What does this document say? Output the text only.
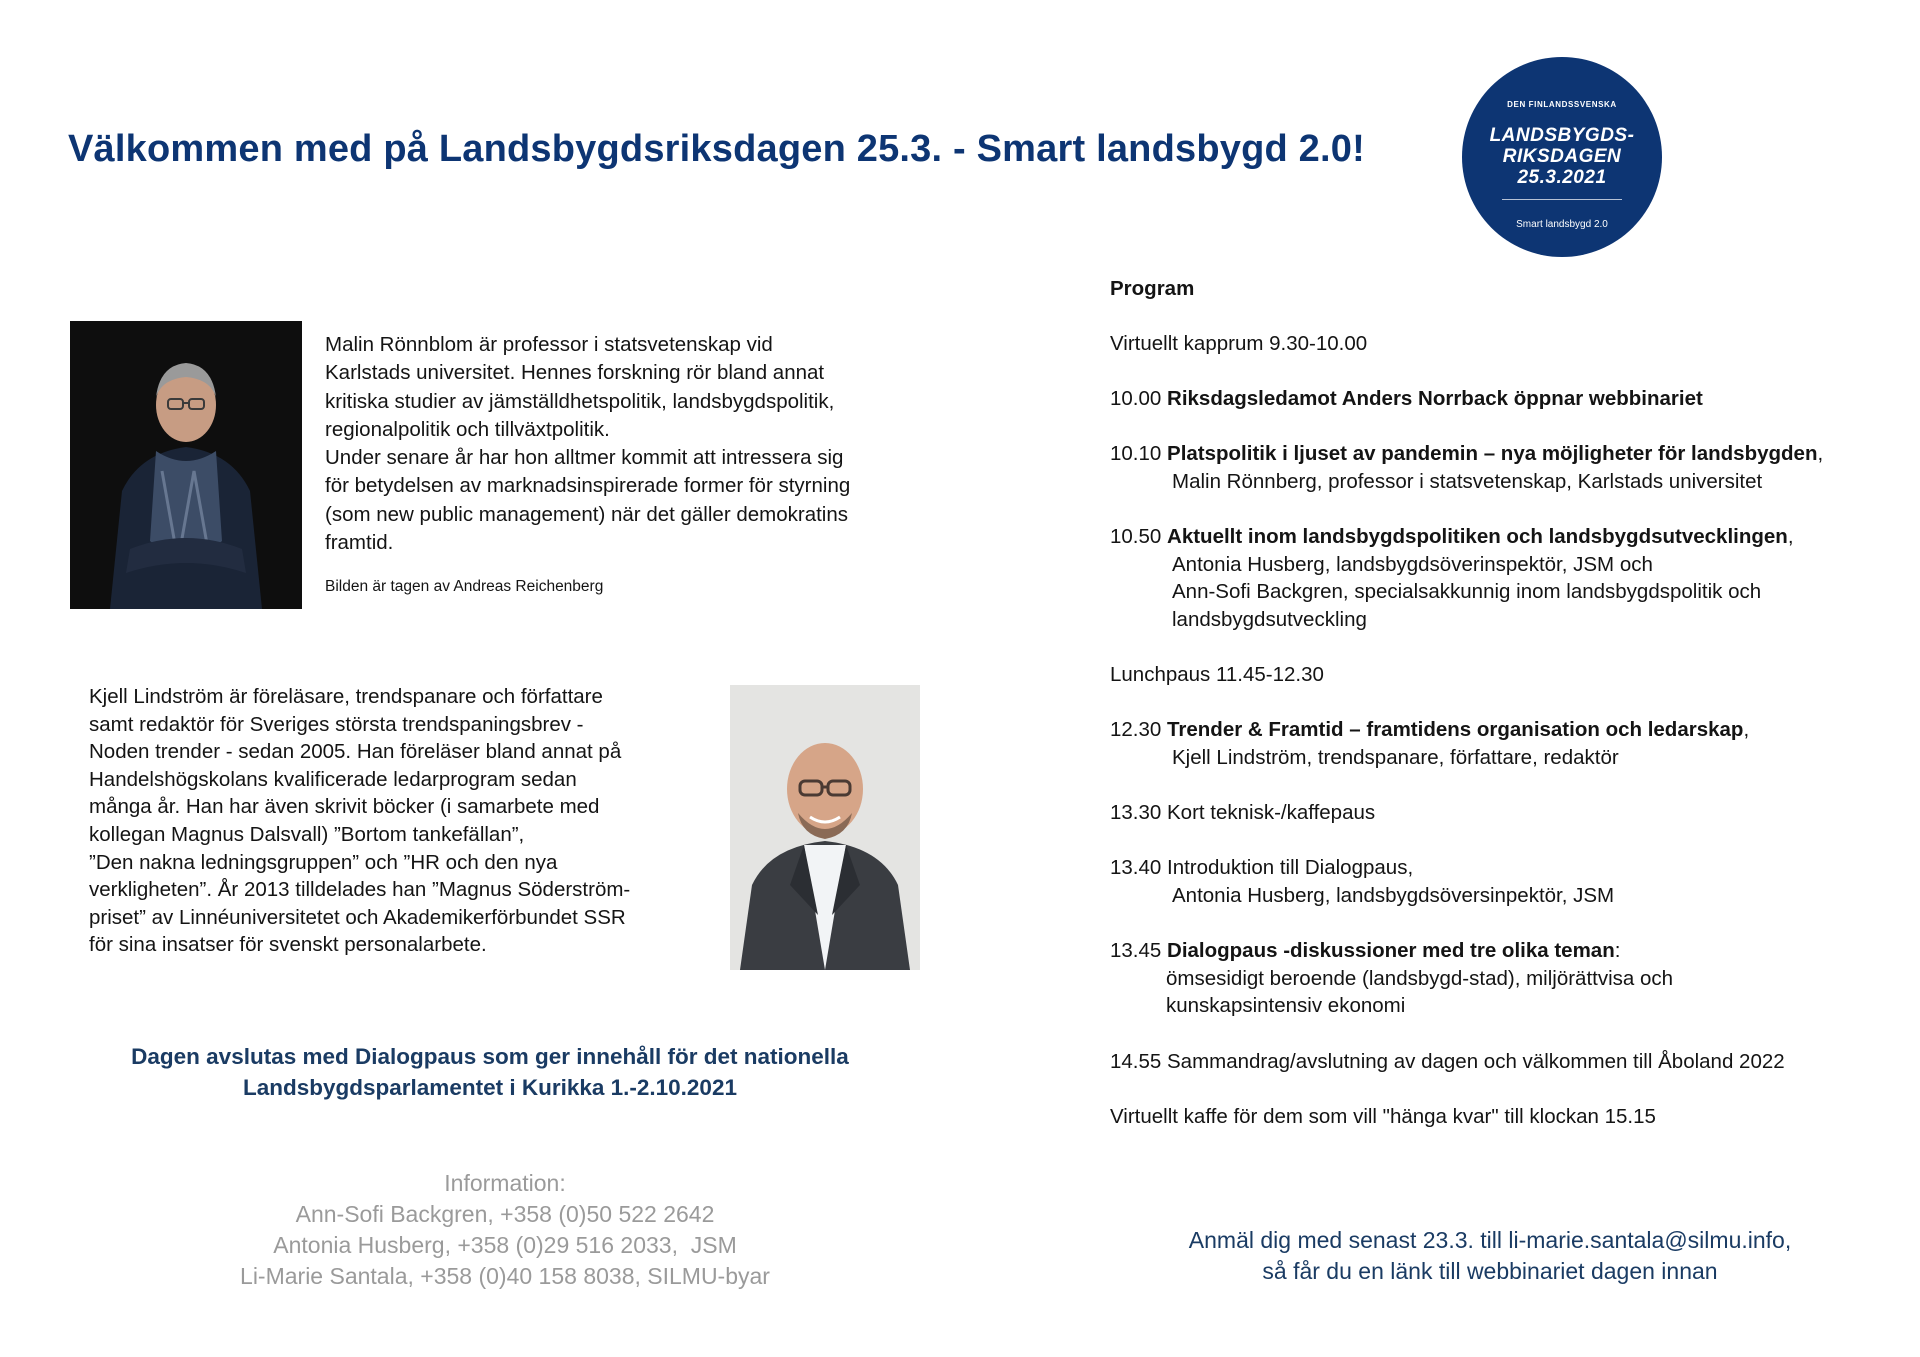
Välkommen med på Landsbygdsriksdagen 25.3. - Smart landsbygd 2.0!
DEN FINLANDSSVENSKA
LANDSBYGDS-
RIKSDAGEN
25.3.2021
Smart landsbygd 2.0
Malin Rönnblom är professor i statsvetenskap vid
Karlstads universitet. Hennes forskning rör bland annat
kritiska studier av jämställdhetspolitik, landsbygdspolitik,
regionalpolitik och tillväxtpolitik.
Under senare år har hon alltmer kommit att intressera sig
för betydelsen av marknadsinspirerade former för styrning
(som new public management) när det gäller demokratins
framtid.
Bilden är tagen av Andreas Reichenberg
Kjell Lindström är föreläsare, trendspanare och författare
samt redaktör för Sveriges största trendspaningsbrev -
Noden trender - sedan 2005. Han föreläser bland annat på
Handelshögskolans kvalificerade ledarprogram sedan
många år. Han har även skrivit böcker (i samarbete med
kollegan Magnus Dalsvall) ”Bortom tankefällan”,
”Den nakna ledningsgruppen” och ”HR och den nya
verkligheten”. År 2013 tilldelades han ”Magnus Söderström-
priset” av Linnéuniversitetet och Akademikerförbundet SSR
för sina insatser för svenskt personalarbete.
Dagen avslutas med Dialogpaus som ger innehåll för det nationella
Landsbygdsparlamentet i Kurikka 1.-2.10.2021
Information:
Ann-Sofi Backgren, +358 (0)50 522 2642
Antonia Husberg, +358 (0)29 516 2033,  JSM
Li-Marie Santala, +358 (0)40 158 8038, SILMU-byar
Program
Virtuellt kapprum 9.30-10.00
10.00 Riksdagsledamot Anders Norrback öppnar webbinariet
10.10 Platspolitik i ljuset av pandemin – nya möjligheter för landsbygden,
Malin Rönnberg, professor i statsvetenskap, Karlstads universitet
10.50 Aktuellt inom landsbygdspolitiken och landsbygdsutvecklingen,
Antonia Husberg, landsbygdsöverinspektör, JSM och
Ann-Sofi Backgren, specialsakkunnig inom landsbygdspolitik och
landsbygdsutveckling
Lunchpaus 11.45-12.30
12.30 Trender & Framtid – framtidens organisation och ledarskap,
Kjell Lindström, trendspanare, författare, redaktör
13.30 Kort teknisk-/kaffepaus
13.40 Introduktion till Dialogpaus,
Antonia Husberg, landsbygdsöversinpektör, JSM
13.45 Dialogpaus -diskussioner med tre olika teman:
ömsesidigt beroende (landsbygd-stad), miljörättvisa och
kunskapsintensiv ekonomi
14.55 Sammandrag/avslutning av dagen och välkommen till Åboland 2022
Virtuellt kaffe för dem som vill "hänga kvar" till klockan 15.15
Anmäl dig med senast 23.3. till li-marie.santala@silmu.info,
så får du en länk till webbinariet dagen innan
